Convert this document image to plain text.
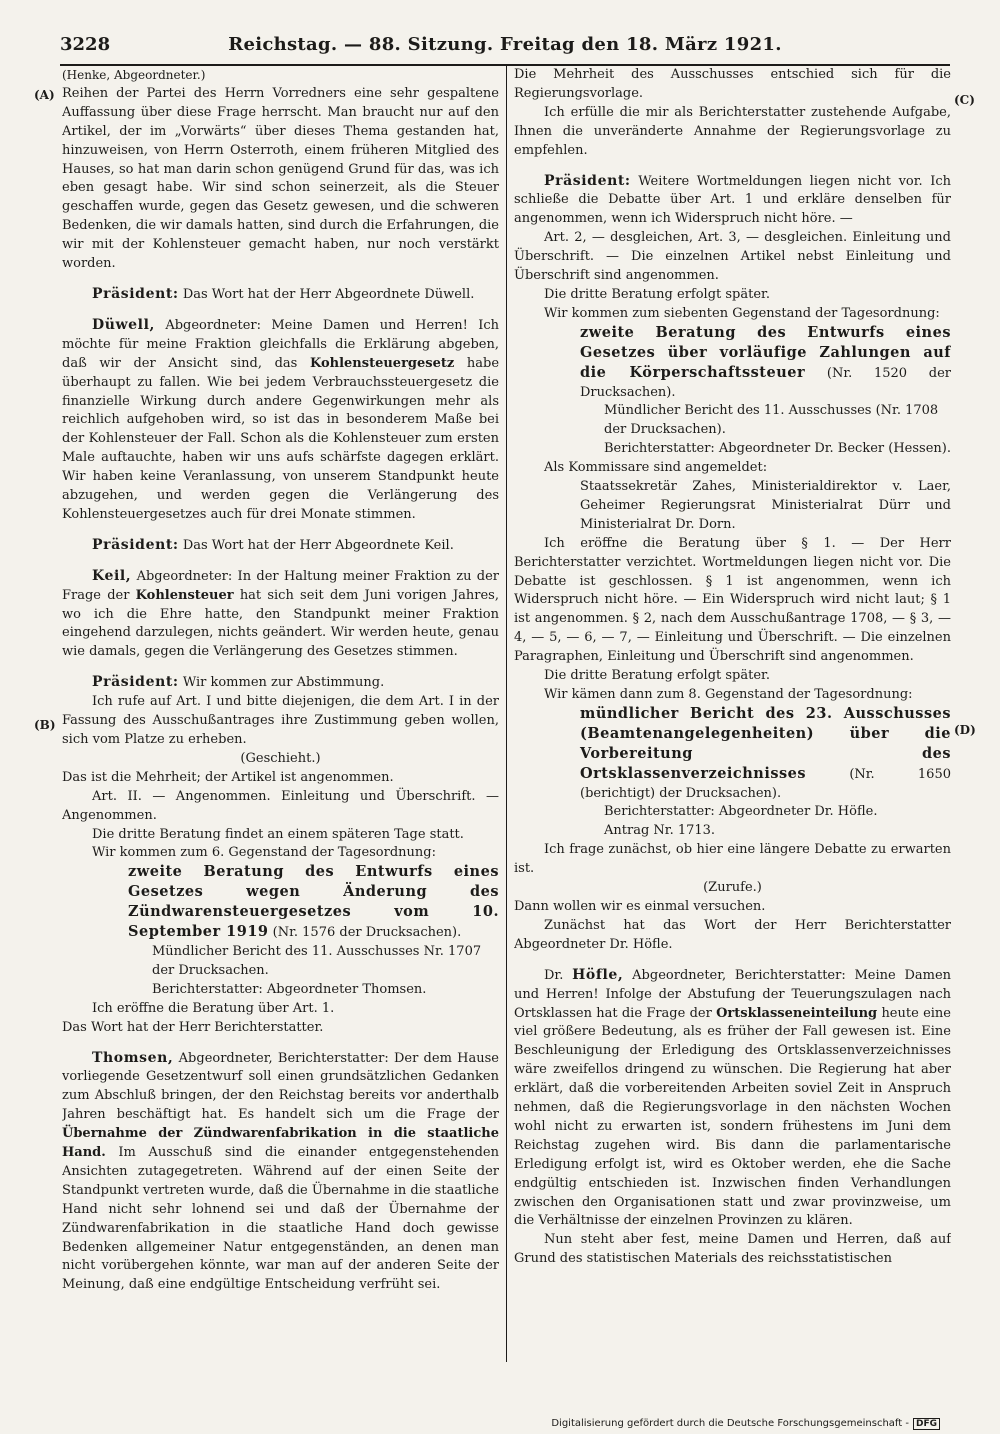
3228	Reichstag. — 88. Sitzung. Freitag den 18. März 1921.
(A)
(B)
(C)
(D)

(Henke, Abgeordneter.)

Reihen der Partei des Herrn Vorredners eine sehr gespaltene Auffassung über diese Frage herrscht. Man braucht nur auf den Artikel, der im „Vorwärts“ über dieses Thema gestanden hat, hinzuweisen, von Herrn Osterroth, einem früheren Mitglied des Hauses, so hat man darin schon genügend Grund für das, was ich eben gesagt habe. Wir sind schon seinerzeit, als die Steuer geschaffen wurde, gegen das Gesetz gewesen, und die schweren Bedenken, die wir damals hatten, sind durch die Erfahrungen, die wir mit der Kohlensteuer gemacht haben, nur noch verstärkt worden.

Präsident: Das Wort hat der Herr Abgeordnete Düwell.

Düwell, Abgeordneter: Meine Damen und Herren! Ich möchte für meine Fraktion gleichfalls die Erklärung abgeben, daß wir der Ansicht sind, das Kohlensteuergesetz habe überhaupt zu fallen. Wie bei jedem Verbrauchssteuergesetz die finanzielle Wirkung durch andere Gegenwirkungen mehr als reichlich aufgehoben wird, so ist das in besonderem Maße bei der Kohlensteuer der Fall. Schon als die Kohlensteuer zum ersten Male auftauchte, haben wir uns aufs schärfste dagegen erklärt. Wir haben keine Veranlassung, von unserem Standpunkt heute abzugehen, und werden gegen die Verlängerung des Kohlensteuergesetzes auch für drei Monate stimmen.

Präsident: Das Wort hat der Herr Abgeordnete Keil.

Keil, Abgeordneter: In der Haltung meiner Fraktion zu der Frage der Kohlensteuer hat sich seit dem Juni vorigen Jahres, wo ich die Ehre hatte, den Standpunkt meiner Fraktion eingehend darzulegen, nichts geändert. Wir werden heute, genau wie damals, gegen die Verlängerung des Gesetzes stimmen.

Präsident: Wir kommen zur Abstimmung.

Ich rufe auf Art. I und bitte diejenigen, die dem Art. I in der Fassung des Ausschußantrages ihre Zustimmung geben wollen, sich vom Platze zu erheben.

(Geschieht.)

Das ist die Mehrheit; der Artikel ist angenommen.

Art. II. — Angenommen. Einleitung und Überschrift. — Angenommen.

Die dritte Beratung findet an einem späteren Tage statt.

Wir kommen zum 6. Gegenstand der Tagesordnung:

zweite Beratung des Entwurfs eines Gesetzes wegen Änderung des Zündwarensteuergesetzes vom 10. September 1919 (Nr. 1576 der Drucksachen).

Mündlicher Bericht des 11. Ausschusses Nr. 1707 der Drucksachen.

Berichterstatter: Abgeordneter Thomsen.

Ich eröffne die Beratung über Art. 1.

Das Wort hat der Herr Berichterstatter.

Thomsen, Abgeordneter, Berichterstatter: Der dem Hause vorliegende Gesetzentwurf soll einen grundsätzlichen Gedanken zum Abschluß bringen, der den Reichstag bereits vor anderthalb Jahren beschäftigt hat. Es handelt sich um die Frage der Übernahme der Zündwarenfabrikation in die staatliche Hand. Im Ausschuß sind die einander entgegenstehenden Ansichten zutagegetreten. Während auf der einen Seite der Standpunkt vertreten wurde, daß die Übernahme in die staatliche Hand nicht sehr lohnend sei und daß der Übernahme der Zündwarenfabrikation in die staatliche Hand doch gewisse Bedenken allgemeiner Natur entgegenständen, an denen man nicht vorübergehen könnte, war man auf der anderen Seite der Meinung, daß eine endgültige Entscheidung verfrüht sei.

Die Mehrheit des Ausschusses entschied sich für die Regierungsvorlage.

Ich erfülle die mir als Berichterstatter zustehende Aufgabe, Ihnen die unveränderte Annahme der Regierungsvorlage zu empfehlen.

Präsident: Weitere Wortmeldungen liegen nicht vor. Ich schließe die Debatte über Art. 1 und erkläre denselben für angenommen, wenn ich Widerspruch nicht höre. —

Art. 2, — desgleichen, Art. 3, — desgleichen. Einleitung und Überschrift. — Die einzelnen Artikel nebst Einleitung und Überschrift sind angenommen.

Die dritte Beratung erfolgt später.

Wir kommen zum siebenten Gegenstand der Tagesordnung:

zweite Beratung des Entwurfs eines Gesetzes über vorläufige Zahlungen auf die Körperschaftssteuer (Nr. 1520 der Drucksachen).

Mündlicher Bericht des 11. Ausschusses (Nr. 1708 der Drucksachen).

Berichterstatter: Abgeordneter Dr. Becker (Hessen).

Als Kommissare sind angemeldet:

Staatssekretär Zahes, Ministerialdirektor v. Laer, Geheimer Regierungsrat Ministerialrat Dürr und Ministerialrat Dr. Dorn.

Ich eröffne die Beratung über § 1. — Der Herr Berichterstatter verzichtet. Wortmeldungen liegen nicht vor. Die Debatte ist geschlossen. § 1 ist angenommen, wenn ich Widerspruch nicht höre. — Ein Widerspruch wird nicht laut; § 1 ist angenommen. § 2, nach dem Ausschußantrage 1708, — § 3, — 4, — 5, — 6, — 7, — Einleitung und Überschrift. — Die einzelnen Paragraphen, Einleitung und Überschrift sind angenommen.

Die dritte Beratung erfolgt später.

Wir kämen dann zum 8. Gegenstand der Tagesordnung:

mündlicher Bericht des 23. Ausschusses (Beamtenangelegenheiten) über die Vorbereitung des Ortsklassenverzeichnisses	(Nr. 1650 (berichtigt) der Drucksachen).

Berichterstatter: Abgeordneter Dr. Höfle.

Antrag Nr. 1713.

Ich frage zunächst, ob hier eine längere Debatte zu erwarten ist.

(Zurufe.)

Dann wollen wir es einmal versuchen.

Zunächst hat das Wort der Herr Berichterstatter Abgeordneter Dr. Höfle.

Dr. Höfle, Abgeordneter, Berichterstatter: Meine Damen und Herren! Infolge der Abstufung der Teuerungszulagen nach Ortsklassen hat die Frage der Ortsklasseneinteilung heute eine viel größere Bedeutung, als es früher der Fall gewesen ist. Eine Beschleunigung der Erledigung des Ortsklassenverzeichnisses wäre zweifellos dringend zu wünschen. Die Regierung hat aber erklärt, daß die vorbereitenden Arbeiten soviel Zeit in Anspruch nehmen, daß die Regierungsvorlage in den nächsten Wochen wohl nicht zu erwarten ist, sondern frühestens im Juni dem Reichstag zugehen wird. Bis dann die parlamentarische Erledigung erfolgt ist, wird es Oktober werden, ehe die Sache endgültig entschieden ist. Inzwischen finden Verhandlungen zwischen den Organisationen statt und zwar provinzweise, um die Verhältnisse der einzelnen Provinzen zu klären.

Nun steht aber fest, meine Damen und Herren, daß auf Grund des statistischen Materials des reichsstatistischen

Digitalisierung gefördert durch die Deutsche Forschungsgemeinschaft - DFG
